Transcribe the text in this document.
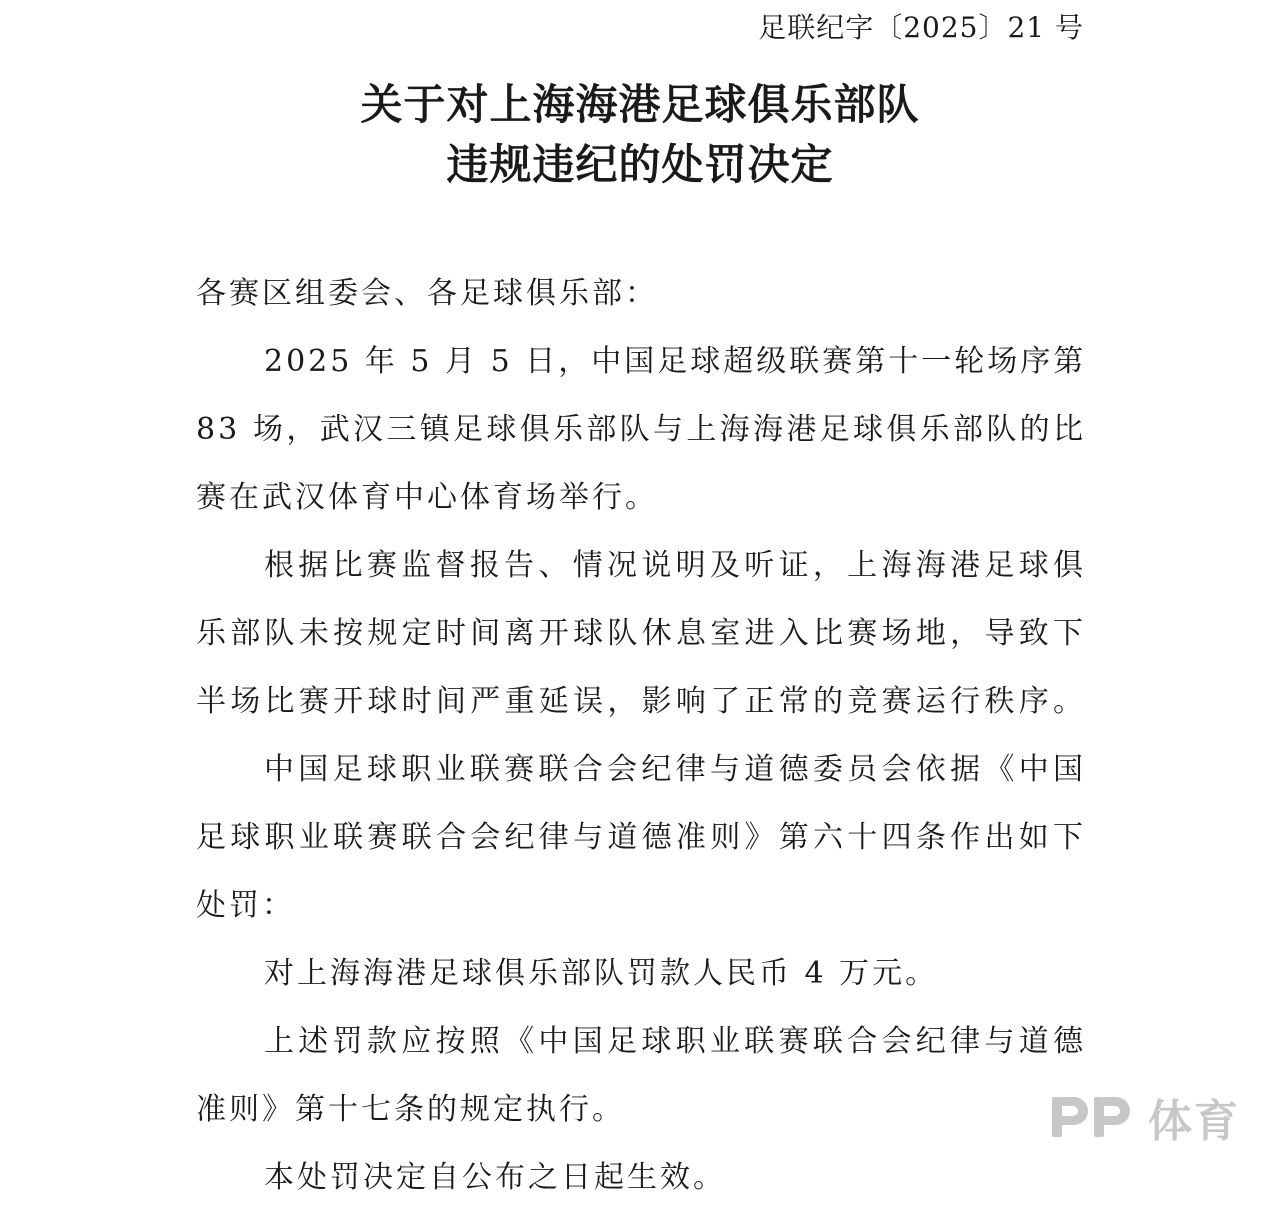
足联纪字〔2025〕21 号
关于对上海海港足球俱乐部队
违规违纪的处罚决定
各赛区组委会、各足球俱乐部：
2025 年 5 月 5 日，中国足球超级联赛第十一轮场序第
83 场，武汉三镇足球俱乐部队与上海海港足球俱乐部队的比
赛在武汉体育中心体育场举行。
根据比赛监督报告、情况说明及听证，上海海港足球俱
乐部队未按规定时间离开球队休息室进入比赛场地，导致下
半场比赛开球时间严重延误，影响了正常的竞赛运行秩序。
中国足球职业联赛联合会纪律与道德委员会依据《中国
足球职业联赛联合会纪律与道德准则》第六十四条作出如下
处罚：
对上海海港足球俱乐部队罚款人民币 4 万元。
上述罚款应按照《中国足球职业联赛联合会纪律与道德
准则》第十七条的规定执行。
本处罚决定自公布之日起生效。
体育
